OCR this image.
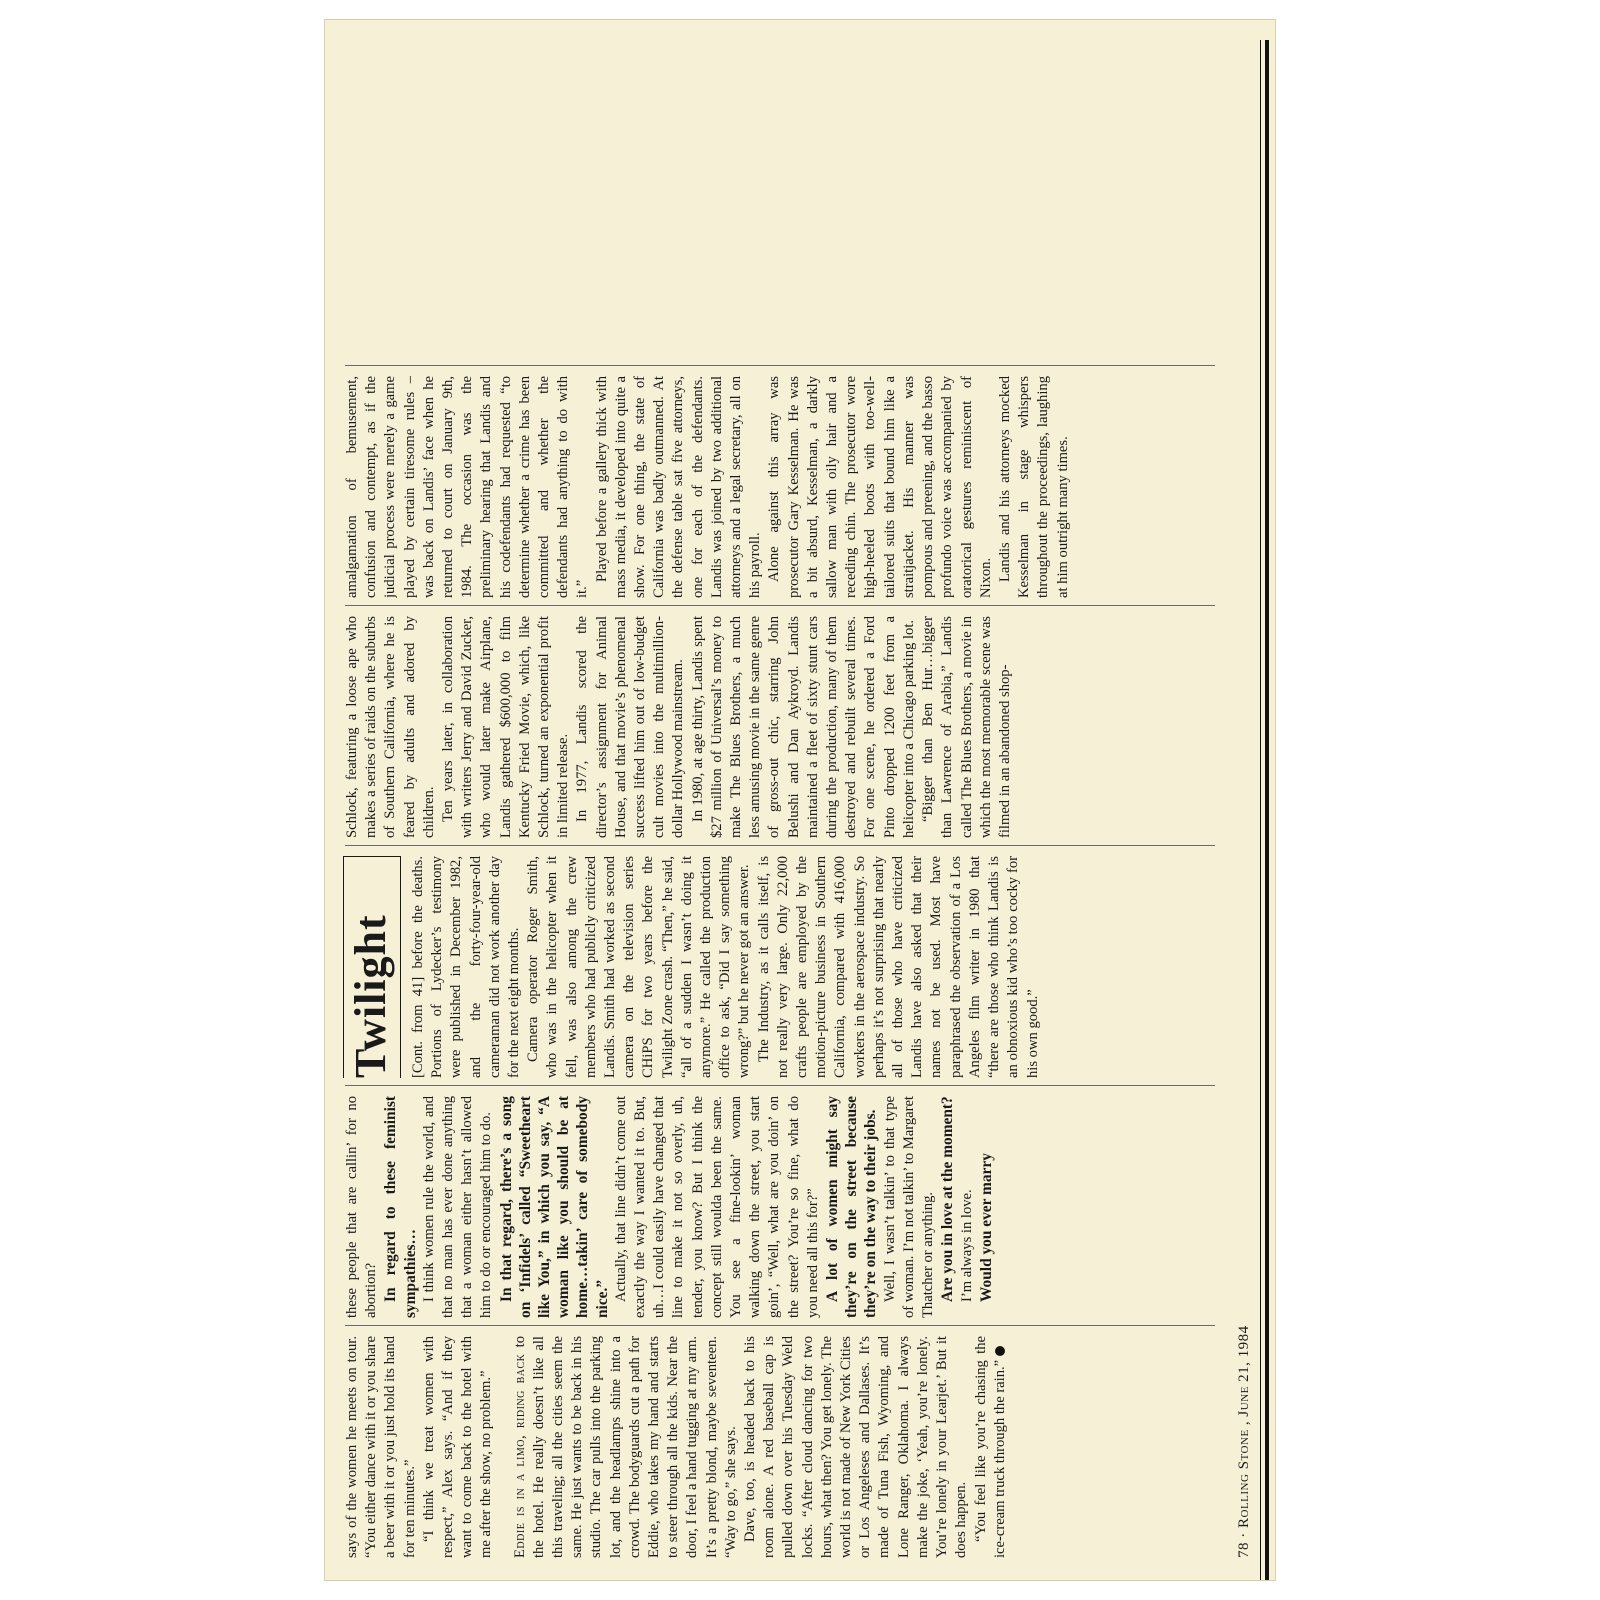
says of the women he meets on tour. “You either dance with it or you share a beer with it or you just hold its hand for ten minutes.” “I think we treat women with respect,” Alex says. “And if they want to come back to the hotel with me after the show, no problem.” Eddie is in a limo, riding back to the hotel. He really doesn’t like all this traveling; all the cities seem the same. He just wants to be back in his studio. The car pulls into the parking lot, and the headlamps shine into a crowd. The bodyguards cut a path for Eddie, who takes my hand and starts to steer through all the kids. Near the door, I feel a hand tugging at my arm. It’s a pretty blond, maybe seventeen. “Way to go,” she says. Dave, too, is headed back to his room alone. A red baseball cap is pulled down over his Tuesday Weld locks. “After cloud dancing for two hours, what then? You get lonely. The world is not made of New York Cities or Los Angeleses and Dallases. It’s made of Tuna Fish, Wyoming, and Lone Ranger, Oklahoma. I always make the joke, ‘Yeah, you’re lonely. You’re lonely in your Learjet.’ But it does happen. “You feel like you’re chasing the ice-cream truck through the rain.”

these people that are callin’ for no abortion? In regard to these feminist sympathies… I think women rule the world, and that no man has ever done anything that a woman either hasn’t allowed him to do or encouraged him to do. In that regard, there’s a song on ‘Infidels’ called “Sweetheart like You,” in which you say, “A woman like you should be at home…takin’ care of somebody nice.” Actually, that line didn’t come out exactly the way I wanted it to. But, uh…I could easily have changed that line to make it not so overly, uh, tender, you know? But I think the concept still woulda been the same. You see a fine-lookin’ woman walking down the street, you start goin’, “Well, what are you doin’ on the street? You’re so fine, what do you need all this for?” A lot of women might say they’re on the street because they’re on the way to their jobs. Well, I wasn’t talkin’ to that type of woman. I’m not talkin’ to Margaret Thatcher or anything. Are you in love at the moment? I’m always in love. Would you ever marry

Twilight	[Cont. from 41] before the deaths. Portions of Lydecker’s testimony were published in December 1982, and the forty-four-year-old cameraman did not work another day for the next eight months. Camera operator Roger Smith, who was in the helicopter when it fell, was also among the crew members who had publicly criticized Landis. Smith had worked as second camera on the television series CHiPS for two years before the Twilight Zone crash. “Then,” he said, “all of a sudden I wasn’t doing it anymore.” He called the production office to ask, “Did I say something wrong?” but he never got an answer. The Industry, as it calls itself, is not really very large. Only 22,000 crafts people are employed by the motion-picture business in Southern California, compared with 416,000 workers in the aerospace industry. So perhaps it’s not surprising that nearly all of those who have criticized Landis have also asked that their names not be used. Most have paraphrased the observation of a Los Angeles film writer in 1980 that “there are those who think Landis is an obnoxious kid who’s too cocky for his own good.”

Schlock, featuring a loose ape who makes a series of raids on the suburbs of Southern California, where he is feared by adults and adored by children. Ten years later, in collaboration with writers Jerry and David Zucker, who would later make Airplane, Landis gathered $600,000 to film Kentucky Fried Movie, which, like Schlock, turned an exponential profit in limited release. In 1977, Landis scored the director’s assignment for Animal House, and that movie’s phenomenal success lifted him out of low-budget cult movies into the multimillion-dollar Hollywood mainstream. In 1980, at age thirty, Landis spent $27 million of Universal’s money to make The Blues Brothers, a much less amusing movie in the same genre of gross-out chic, starring John Belushi and Dan Aykroyd. Landis maintained a fleet of sixty stunt cars during the production, many of them destroyed and rebuilt several times. For one scene, he ordered a Ford Pinto dropped 1200 feet from a helicopter into a Chicago parking lot. “Bigger than Ben Hur…bigger than Lawrence of Arabia,” Landis called The Blues Brothers, a movie in which the most memorable scene was filmed in an abandoned shop-

amalgamation of bemusement, confusion and contempt, as if the judicial process were merely a game played by certain tiresome rules – was back on Landis’ face when he returned to court on January 9th, 1984. The occasion was the preliminary hearing that Landis and his codefendants had requested “to determine whether a crime has been committed and whether the defendants had anything to do with it.”

Played before a gallery thick with mass media, it developed into quite a show. For one thing, the state of California was badly outmanned. At the defense table sat five attorneys, one for each of the defendants. Landis was joined by two additional attorneys and a legal secretary, all on his payroll. Alone against this array was prosecutor Gary Kesselman. He was a bit absurd, Kesselman, a darkly sallow man with oily hair and a receding chin. The prosecutor wore high-heeled boots with too-well-tailored suits that bound him like a straitjacket. His manner was pompous and preening, and the basso profundo voice was accompanied by oratorical gestures reminiscent of Nixon. Landis and his attorneys mocked Kesselman in stage whispers throughout the proceedings, laughing at him outright many times.

78 · Rolling Stone , June 21, 1984
